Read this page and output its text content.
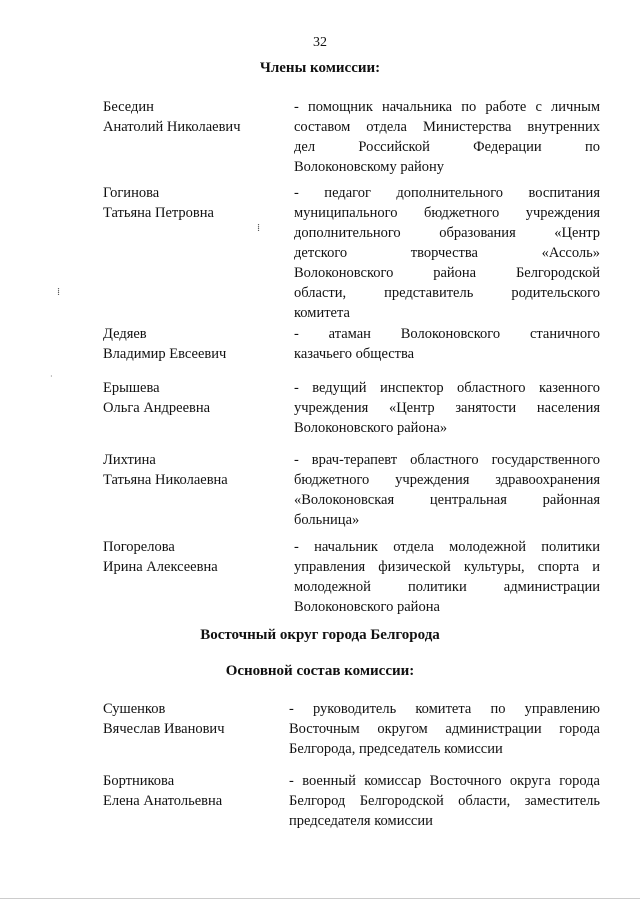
32
Члены комиссии:
Беседин
Анатолий Николаевич
- помощник начальника по работе с личным
составом отдела Министерства внутренних
дел Российской Федерации по
Волоконовскому району
Гогинова
Татьяна Петровна
- педагог дополнительного воспитания
муниципального бюджетного учреждения
дополнительного образования «Центр
детского творчества «Ассоль»
Волоконовского района Белгородской
области, представитель родительского
комитета
Дедяев
Владимир Евсеевич
- атаман Волоконовского станичного
казачьего общества
Ерышева
Ольга Андреевна
- ведущий инспектор областного казенного
учреждения «Центр занятости населения
Волоконовского района»
Лихтина
Татьяна Николаевна
- врач-терапевт областного государственного
бюджетного учреждения здравоохранения
«Волоконовская центральная районная
больница»
Погорелова
Ирина Алексеевна
- начальник отдела молодежной политики
управления физической культуры, спорта и
молодежной политики администрации
Волоконовского района
Восточный округ города Белгорода
Основной состав комиссии:
Сушенков
Вячеслав Иванович
- руководитель комитета по управлению
Восточным округом администрации города
Белгорода, председатель комиссии
Бортникова
Елена Анатольевна
- военный комиссар Восточного округа города
Белгород Белгородской области, заместитель
председателя комиссии
⁞
⁞
·
